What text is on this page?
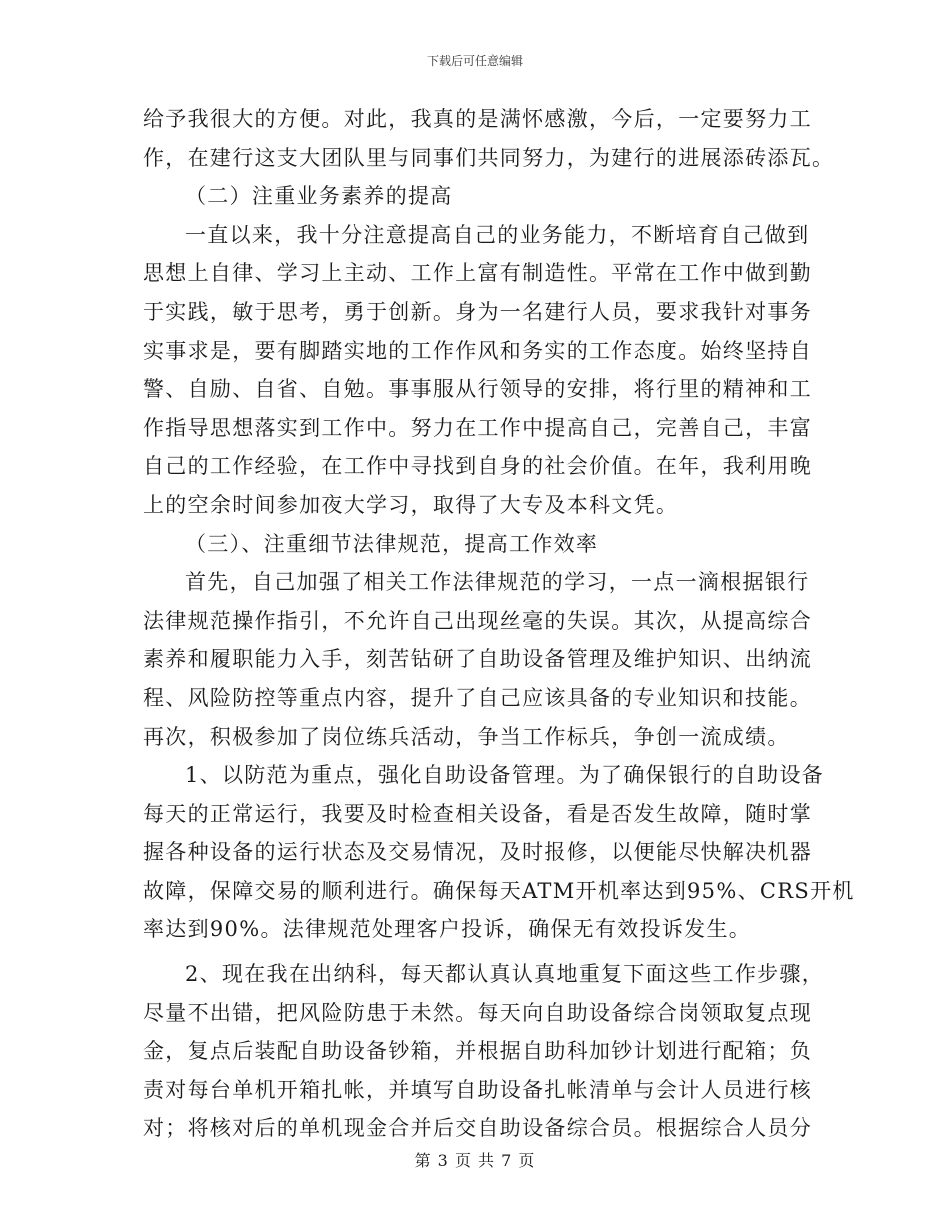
下载后可任意编辑
给予我很大的方便。对此，我真的是满怀感激，今后，一定要努力工
作，在建行这支大团队里与同事们共同努力，为建行的进展添砖添瓦。
（二）注重业务素养的提高
一直以来，我十分注意提高自己的业务能力，不断培育自己做到
思想上自律、学习上主动、工作上富有制造性。平常在工作中做到勤
于实践，敏于思考，勇于创新。身为一名建行人员，要求我针对事务
实事求是，要有脚踏实地的工作作风和务实的工作态度。始终坚持自
警、自励、自省、自勉。事事服从行领导的安排，将行里的精神和工
作指导思想落实到工作中。努力在工作中提高自己，完善自己，丰富
自己的工作经验，在工作中寻找到自身的社会价值。在年，我利用晚
上的空余时间参加夜大学习，取得了大专及本科文凭。
（三）、注重细节法律规范，提高工作效率
首先，自己加强了相关工作法律规范的学习，一点一滴根据银行
法律规范操作指引，不允许自己出现丝毫的失误。其次，从提高综合
素养和履职能力入手，刻苦钻研了自助设备管理及维护知识、出纳流
程、风险防控等重点内容，提升了自己应该具备的专业知识和技能。
再次，积极参加了岗位练兵活动，争当工作标兵，争创一流成绩。
1、以防范为重点，强化自助设备管理。为了确保银行的自助设备
每天的正常运行，我要及时检查相关设备，看是否发生故障，随时掌
握各种设备的运行状态及交易情况，及时报修，以便能尽快解决机器
故障，保障交易的顺利进行。确保每天ATM开机率达到95%、CRS开机
率达到90%。法律规范处理客户投诉，确保无有效投诉发生。
2、现在我在出纳科，每天都认真认真地重复下面这些工作步骤，
尽量不出错，把风险防患于未然。每天向自助设备综合岗领取复点现
金，复点后装配自助设备钞箱，并根据自助科加钞计划进行配箱；负
责对每台单机开箱扎帐，并填写自助设备扎帐清单与会计人员进行核
对；将核对后的单机现金合并后交自助设备综合员。根据综合人员分
第 3 页 共 7 页
